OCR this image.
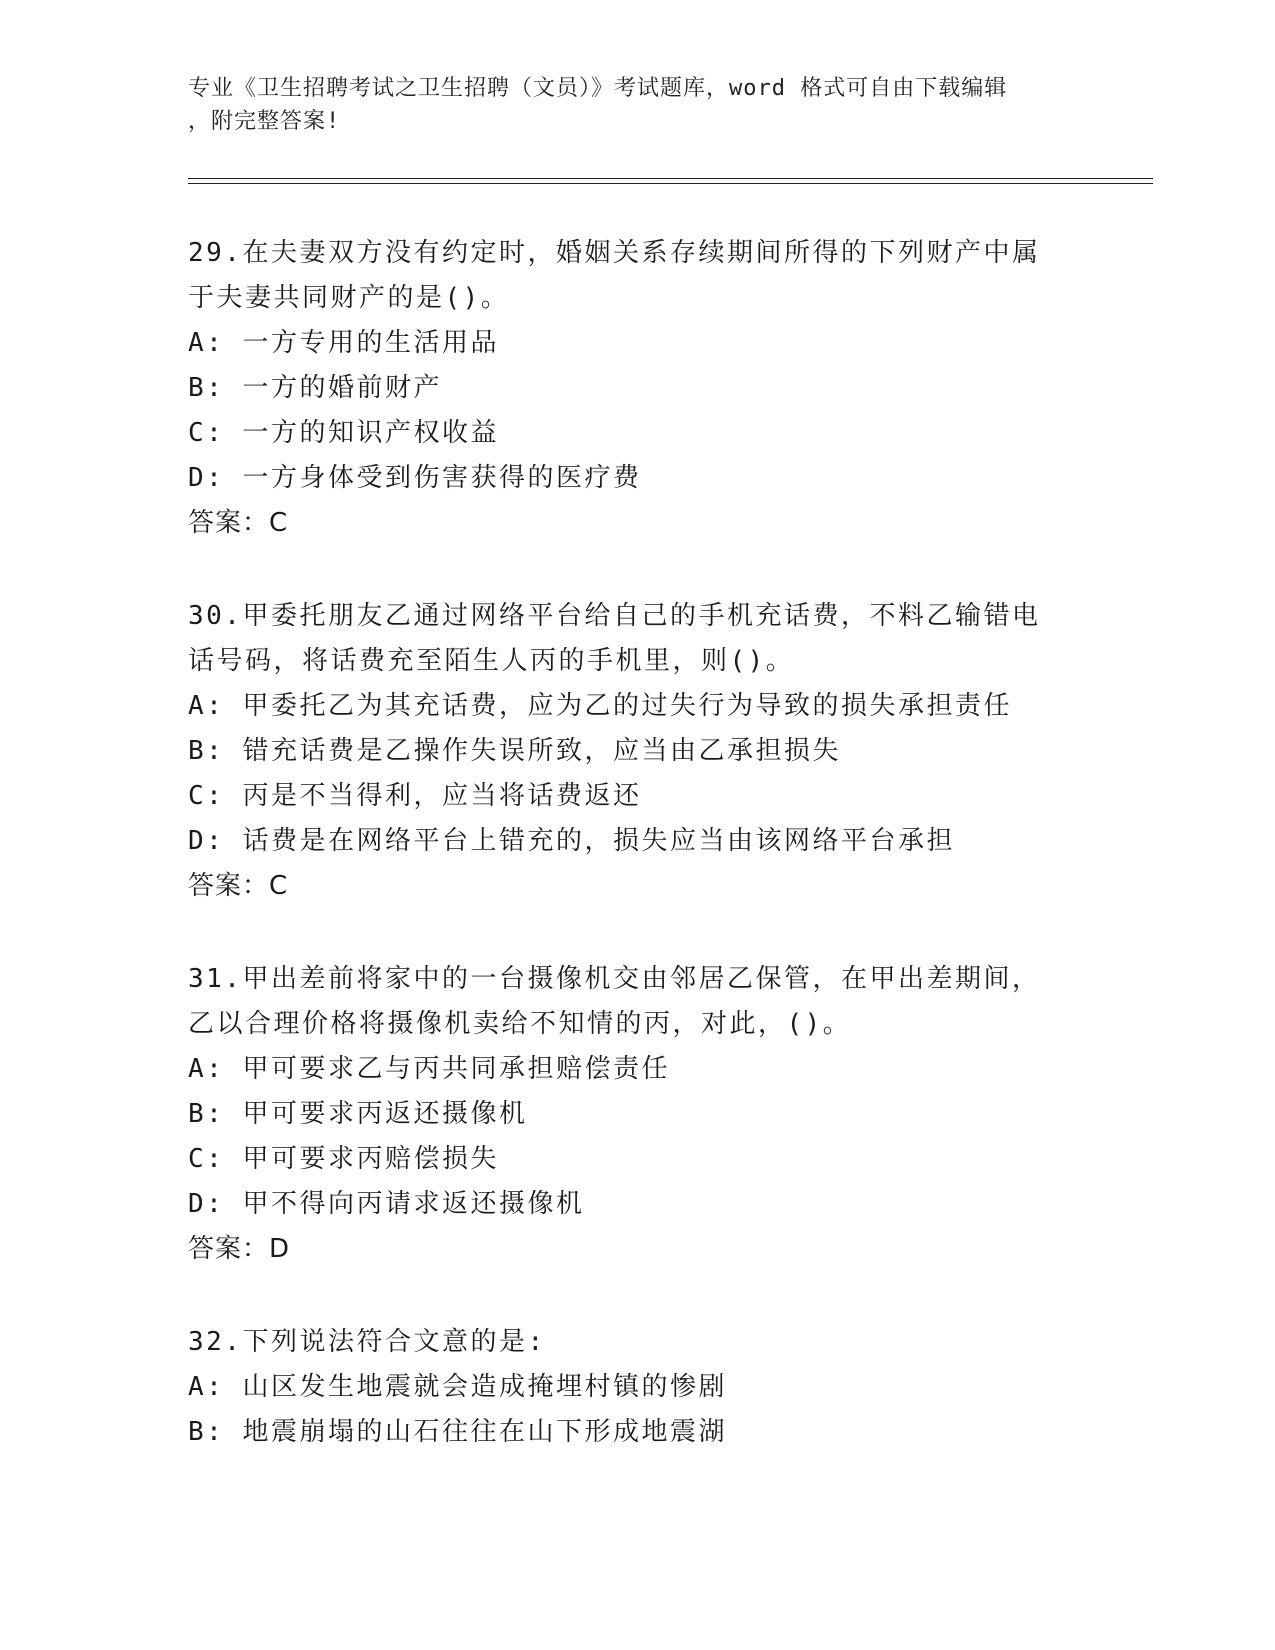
专业《卫生招聘考试之卫生招聘（文员）》考试题库，word 格式可自由下载编辑
，附完整答案!

29.在夫妻双方没有约定时，婚姻关系存续期间所得的下列财产中属于夫妻共同财产的是()。

A: 一方专用的生活用品

B: 一方的婚前财产

C: 一方的知识产权收益

D: 一方身体受到伤害获得的医疗费

答案：C

30.甲委托朋友乙通过网络平台给自己的手机充话费，不料乙输错电话号码，将话费充至陌生人丙的手机里，则()。

A: 甲委托乙为其充话费，应为乙的过失行为导致的损失承担责任

B: 错充话费是乙操作失误所致，应当由乙承担损失

C: 丙是不当得利，应当将话费返还

D: 话费是在网络平台上错充的，损失应当由该网络平台承担

答案：C

31.甲出差前将家中的一台摄像机交由邻居乙保管，在甲出差期间，乙以合理价格将摄像机卖给不知情的丙，对此，()。

A: 甲可要求乙与丙共同承担赔偿责任

B: 甲可要求丙返还摄像机

C: 甲可要求丙赔偿损失

D: 甲不得向丙请求返还摄像机

答案：D

32.下列说法符合文意的是:

A: 山区发生地震就会造成掩埋村镇的惨剧

B: 地震崩塌的山石往往在山下形成地震湖
